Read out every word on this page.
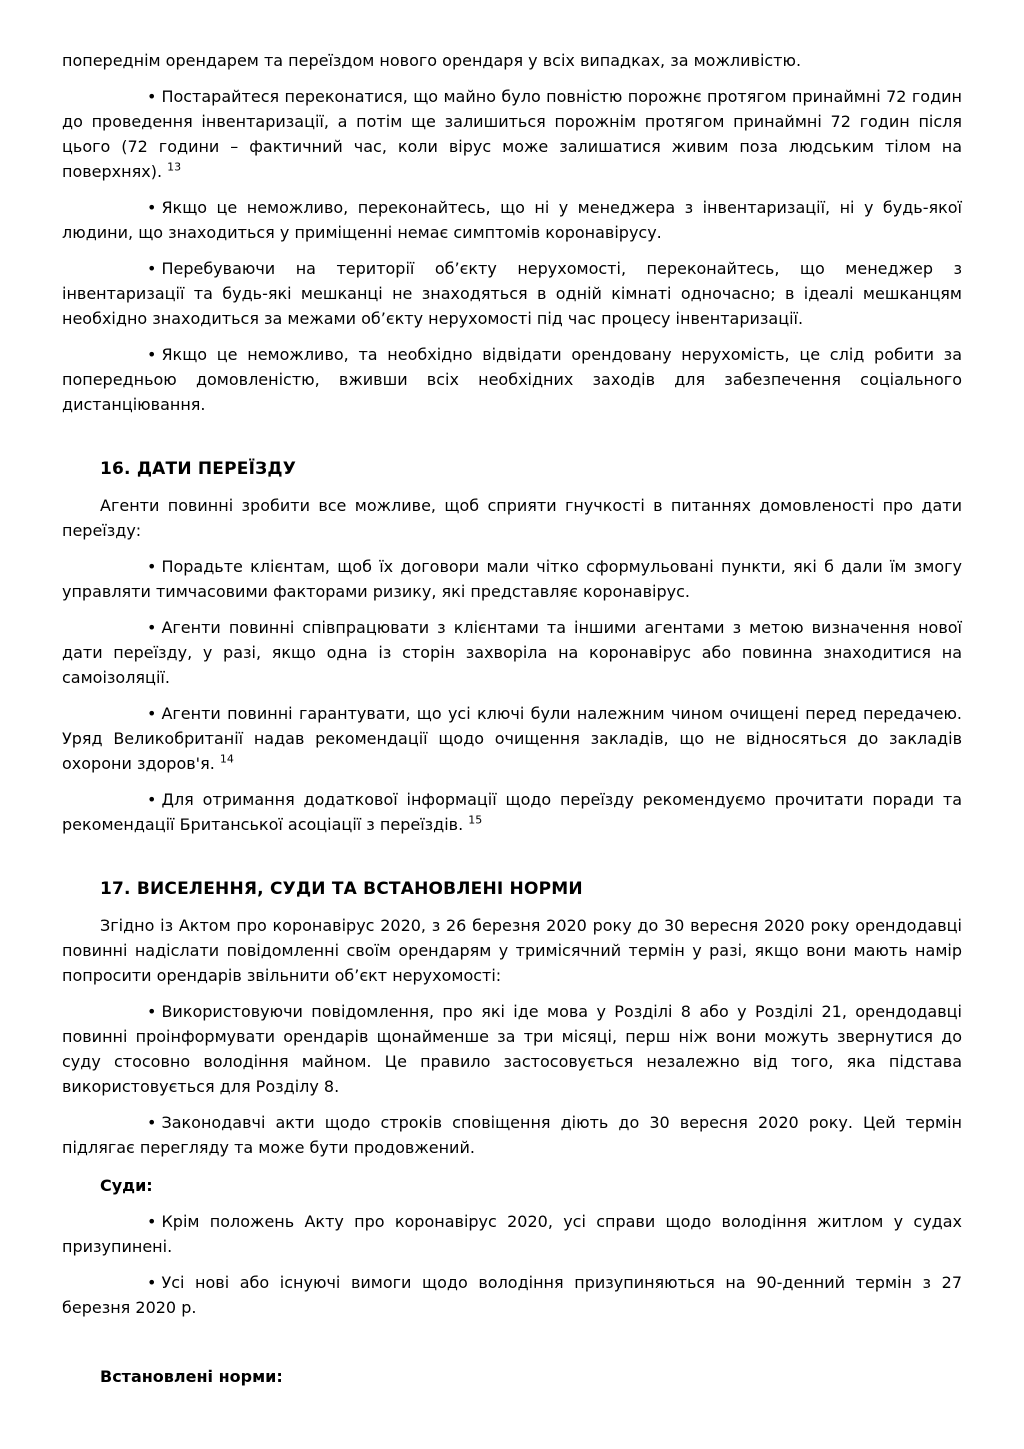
попереднім орендарем та переїздом нового орендаря у всіх випадках, за можливістю.

• Постарайтеся переконатися, що майно було повністю порожнє протягом принаймні 72 годин до проведення інвентаризації, а потім ще залишиться порожнім протягом принаймні 72 годин після цього (72 години – фактичний час, коли вірус може залишатися живим поза людським тілом на поверхнях). $^{13}$

• Якщо це неможливо, переконайтесь, що ні у менеджера з інвентаризації, ні у будь-якої людини, що знаходиться у приміщенні немає симптомів коронавірусу.

• Перебуваючи на території об’єкту нерухомості, переконайтесь, що менеджер з інвентаризації та будь-які мешканці не знаходяться в одній кімнаті одночасно; в ідеалі мешканцям необхідно знаходиться за межами об’єкту нерухомості під час процесу інвентаризації.

• Якщо це неможливо, та необхідно відвідати орендовану нерухомість, це слід робити за попередньою домовленістю, вживши всіх необхідних заходів для забезпечення соціального дистанціювання.

16. ДАТИ ПЕРЕЇЗДУ

Агенти повинні зробити все можливе, щоб сприяти гнучкості в питаннях домовленості про дати переїзду:

• Порадьте клієнтам, щоб їх договори мали чітко сформульовані пункти, які б дали їм змогу управляти тимчасовими факторами ризику, які представляє коронавірус.

• Агенти повинні співпрацювати з клієнтами та іншими агентами з метою визначення нової дати переїзду, у разі, якщо одна із сторін захворіла на коронавірус або повинна знаходитися на самоізоляції.

• Агенти повинні гарантувати, що усі ключі були належним чином очищені перед передачею. Уряд Великобританії надав рекомендації щодо очищення закладів, що не відносяться до закладів охорони здоров'я. $^{14}$

• Для отримання додаткової інформації щодо переїзду рекомендуємо прочитати поради та рекомендації Британської асоціації з переїздів. $^{15}$

17. ВИСЕЛЕННЯ, СУДИ ТА ВСТАНОВЛЕНІ НОРМИ

Згідно із Актом про коронавірус 2020, з 26 березня 2020 року до 30 вересня 2020 року орендодавці повинні надіслати повідомленні своїм орендарям у тримісячний термін у разі, якщо вони мають намір попросити орендарів звільнити об’єкт нерухомості:

• Використовуючи повідомлення, про які іде мова у Розділі 8 або у Розділі 21, орендодавці повинні проінформувати орендарів щонайменше за три місяці, перш ніж вони можуть звернутися до суду стосовно володіння майном. Це правило застосовується незалежно від того, яка підстава використовується для Розділу 8.

• Законодавчі акти щодо строків сповіщення діють до 30 вересня 2020 року. Цей термін підлягає перегляду та може бути продовжений.

Суди:

• Крім положень Акту про коронавірус 2020, усі справи щодо володіння житлом у судах призупинені.

• Усі нові або існуючі вимоги щодо володіння призупиняються на 90-денний термін з 27 березня 2020 р.

Встановлені норми:
